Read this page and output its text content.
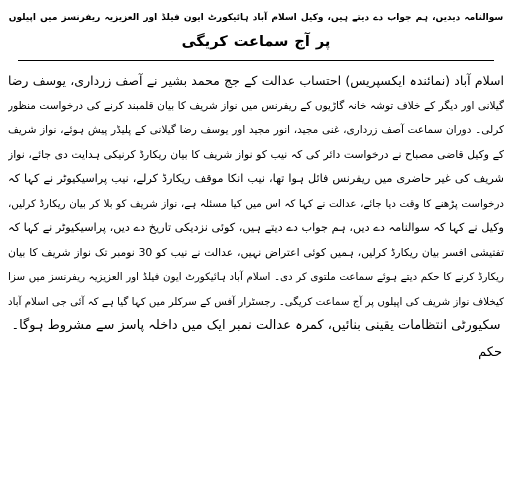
سوالنامہ دیدیں، ہم جواب دے دیتے ہیں، وکیل اسلام آباد ہائیکورٹ ایون فیلڈ اور العزیزیہ ریفرنسز میں اپیلوں
پر آج سماعت کریگی
اسلام آباد (نمائندہ ایکسپریس) احتساب عدالت کے جج محمد بشیر نے آصف زرداری، یوسف رضا
گیلانی اور دیگر کے خلاف توشہ خانہ گاڑیوں کے ریفرنس میں نواز شریف کا بیان قلمبند کرنے کی درخواست منظور
کرلی۔ دوران سماعت آصف زرداری، غنی مجید، انور مجید اور یوسف رضا گیلانی کے پلیڈر پیش ہوئے، نواز شریف
کے وکیل قاضی مصباح نے درخواست دائر کی کہ نیب کو نواز شریف کا بیان ریکارڈ کرنیکی ہدایت دی جائے، نواز
شریف کی غیر حاضری میں ریفرنس فائل ہوا تھا، نیب انکا موقف ریکارڈ کرلے، نیب پراسیکیوٹر نے کہا کہ
درخواست پڑھنے کا وقت دیا جائے، عدالت نے کہا کہ اس میں کیا مسئلہ ہے، نواز شریف کو بلا کر بیان ریکارڈ کرلیں،
وکیل نے کہا کہ سوالنامہ دے دیں، ہم جواب دے دیتے ہیں، کوئی نزدیکی تاریخ دے دیں، پراسیکیوٹر نے کہا کہ
تفتیشی افسر بیان ریکارڈ کرلیں، ہمیں کوئی اعتراض نہیں، عدالت نے نیب کو 30 نومبر تک نواز شریف کا بیان
ریکارڈ کرنے کا حکم دیتے ہوئے سماعت ملتوی کر دی۔ اسلام آباد ہائیکورٹ ایون فیلڈ اور العزیزیہ ریفرنسز میں سزا
کیخلاف نواز شریف کی اپیلوں پر آج سماعت کریگی۔ رجسٹرار آفس کے سرکلر میں کہا گیا ہے کہ آئی جی اسلام آباد
سکیورٹی انتظامات یقینی بنائیں، کمرہ عدالت نمبر ایک میں داخلہ پاسز سے مشروط ہوگا۔
حکم
